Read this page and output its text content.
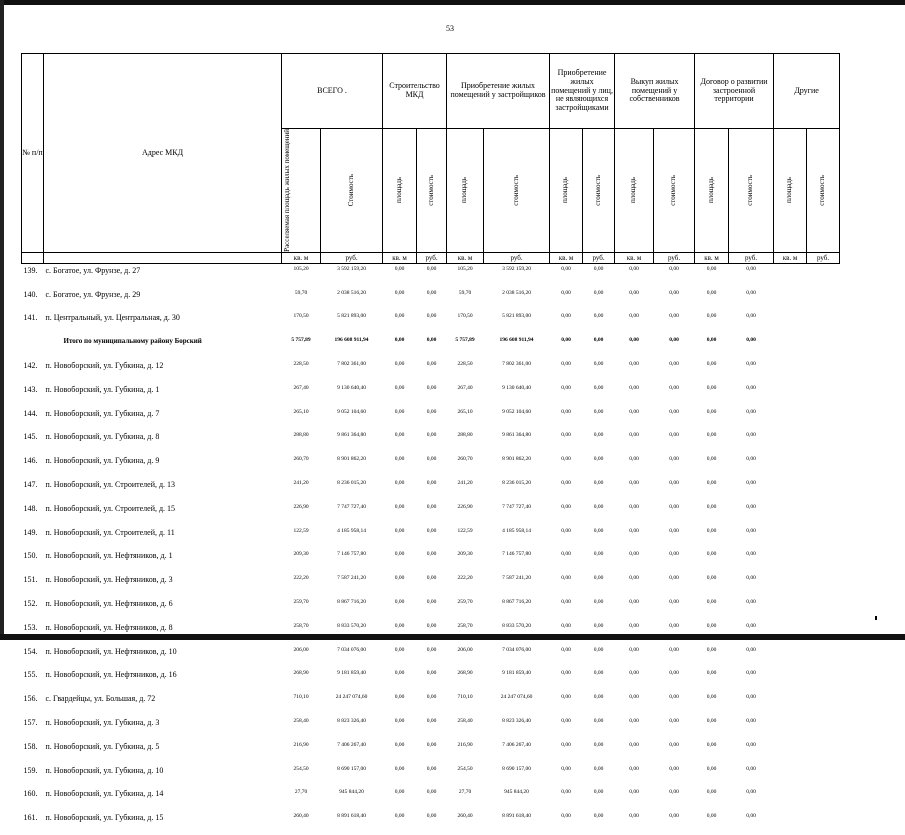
53
№ п/п	Адрес МКД	ВСЕГО .		Строительство МКД		Приобретение жилых помещений у застройщиков		Приобретение жилых помещений у лиц, не являющихся застройщиками		Выкуп жилых помещений у собственников		Договор о развитии застроенной территории		Другие	

		Расселяемая площадь жилых помещений	Стоимость	площадь	стоимость	площадь	стоимость	площадь	стоимость	площадь	стоимость	площадь	стоимость	площадь	стоимость

		кв. м	руб.	кв. м	руб.	кв. м	руб.	кв. м	руб.	кв. м	руб.	кв. м	руб.	кв. м	руб.
139.	с. Богатое, ул. Фрунзе, д. 27	105,20	3 592 159,20	0,00	0,00	105,20	3 592 159,20	0,00	0,00	0,00	0,00	0,00	0,00		
140.	с. Богатое, ул. Фрунзе, д. 29	59,70	2 038 516,20	0,00	0,00	59,70	2 038 516,20	0,00	0,00	0,00	0,00	0,00	0,00		
141.	п. Центральный, ул. Центральная, д. 30	170,50	5 821 893,00	0,00	0,00	170,50	5 821 893,00	0,00	0,00	0,00	0,00	0,00	0,00		
	Итого по муниципальному району Борский	5 757,89	196 608 911,94	0,00	0,00	5 757,89	196 608 911,94	0,00	0,00	0,00	0,00	0,00	0,00		
142.	п. Новоборский, ул. Губкина, д. 12	228,50	7 802 361,00	0,00	0,00	228,50	7 802 361,00	0,00	0,00	0,00	0,00	0,00	0,00		
143.	п. Новоборский, ул. Губкина, д. 1	267,40	9 130 640,40	0,00	0,00	267,40	9 130 640,40	0,00	0,00	0,00	0,00	0,00	0,00		
144.	п. Новоборский, ул. Губкина, д. 7	265,10	9 052 104,60	0,00	0,00	265,10	9 052 104,60	0,00	0,00	0,00	0,00	0,00	0,00		
145.	п. Новоборский, ул. Губкина, д. 8	288,80	9 861 364,80	0,00	0,00	288,80	9 861 364,80	0,00	0,00	0,00	0,00	0,00	0,00		
146.	п. Новоборский, ул. Губкина, д. 9	260,70	8 901 862,20	0,00	0,00	260,70	8 901 862,20	0,00	0,00	0,00	0,00	0,00	0,00		
147.	п. Новоборский, ул. Строителей, д. 13	241,20	8 236 015,20	0,00	0,00	241,20	8 236 015,20	0,00	0,00	0,00	0,00	0,00	0,00		
148.	п. Новоборский, ул. Строителей, д. 15	226,90	7 747 727,40	0,00	0,00	226,90	7 747 727,40	0,00	0,00	0,00	0,00	0,00	0,00		
149.	п. Новоборский, ул. Строителей, д. 11	122,59	4 185 958,14	0,00	0,00	122,59	4 185 958,14	0,00	0,00	0,00	0,00	0,00	0,00		
150.	п. Новоборский, ул. Нефтяников, д. 1	209,30	7 146 757,80	0,00	0,00	209,30	7 146 757,80	0,00	0,00	0,00	0,00	0,00	0,00		
151.	п. Новоборский, ул. Нефтяников, д. 3	222,20	7 587 241,20	0,00	0,00	222,20	7 587 241,20	0,00	0,00	0,00	0,00	0,00	0,00		
152.	п. Новоборский, ул. Нефтяников, д. 6	259,70	8 867 716,20	0,00	0,00	259,70	8 867 716,20	0,00	0,00	0,00	0,00	0,00	0,00		
153.	п. Новоборский, ул. Нефтяников, д. 8	258,70	8 833 570,20	0,00	0,00	258,70	8 833 570,20	0,00	0,00	0,00	0,00	0,00	0,00		
154.	п. Новоборский, ул. Нефтяников, д. 10	206,00	7 034 076,00	0,00	0,00	206,00	7 034 076,00	0,00	0,00	0,00	0,00	0,00	0,00		
155.	п. Новоборский, ул. Нефтяников, д. 16	268,90	9 181 859,40	0,00	0,00	268,90	9 181 859,40	0,00	0,00	0,00	0,00	0,00	0,00		
156.	с. Гвардейцы, ул. Большая, д. 72	710,10	24 247 074,60	0,00	0,00	710,10	24 247 074,60	0,00	0,00	0,00	0,00	0,00	0,00		
157.	п. Новоборский, ул. Губкина, д. 3	258,40	8 823 326,40	0,00	0,00	258,40	8 823 326,40	0,00	0,00	0,00	0,00	0,00	0,00		
158.	п. Новоборский, ул. Губкина, д. 5	216,90	7 406 267,40	0,00	0,00	216,90	7 406 267,40	0,00	0,00	0,00	0,00	0,00	0,00		
159.	п. Новоборский, ул. Губкина, д. 10	254,50	8 690 157,00	0,00	0,00	254,50	8 690 157,00	0,00	0,00	0,00	0,00	0,00	0,00		
160.	п. Новоборский, ул. Губкина, д. 14	27,70	945 844,20	0,00	0,00	27,70	945 844,20	0,00	0,00	0,00	0,00	0,00	0,00		
161.	п. Новоборский, ул. Губкина, д. 15	260,40	8 891 618,40	0,00	0,00	260,40	8 891 618,40	0,00	0,00	0,00	0,00	0,00	0,00		
